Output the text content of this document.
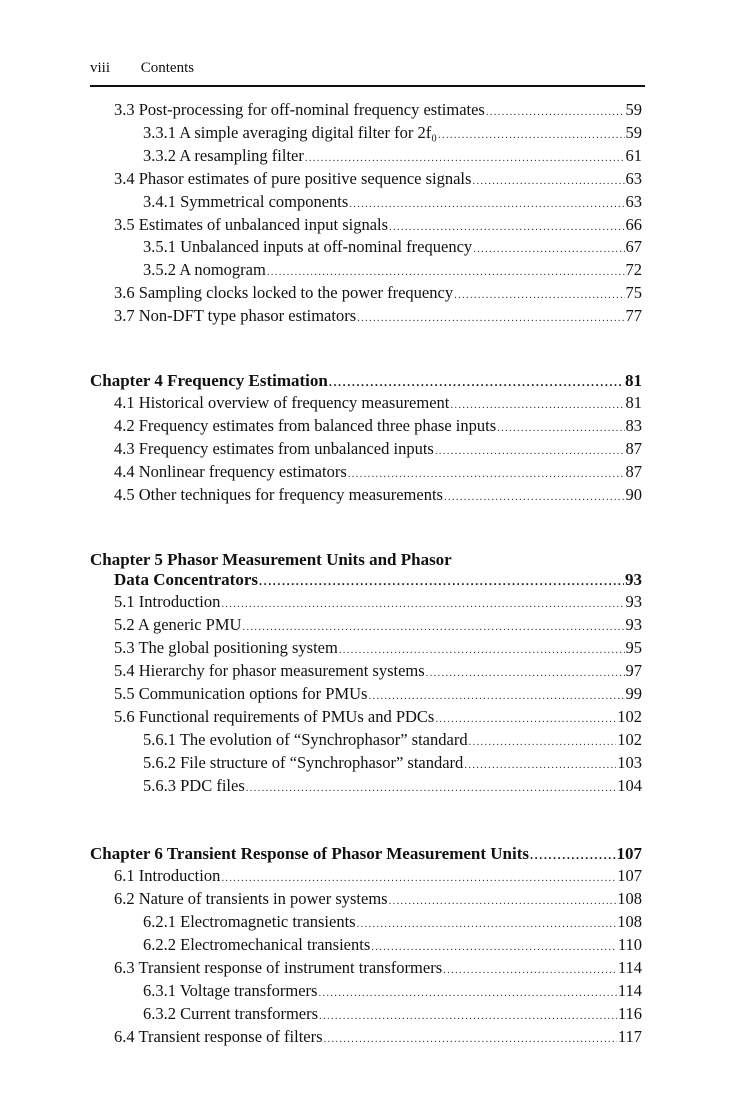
viii Contents
3.3 Post-processing for off-nominal frequency estimates .....	59
3.3.1 A simple averaging digital filter for 2f₀ .....	59
3.3.2 A resampling filter .....	61
3.4 Phasor estimates of pure positive sequence signals .....	63
3.4.1 Symmetrical components .....	63
3.5 Estimates of unbalanced input signals .....	66
3.5.1 Unbalanced inputs at off-nominal frequency .....	67
3.5.2 A nomogram .....	72
3.6 Sampling clocks locked to the power frequency .....	75
3.7 Non-DFT type phasor estimators .....	77
Chapter 4 Frequency Estimation .....	81
4.1 Historical overview of frequency measurement .....	81
4.2 Frequency estimates from balanced three phase inputs .....	83
4.3 Frequency estimates from unbalanced inputs .....	87
4.4 Nonlinear frequency estimators .....	87
4.5 Other techniques for frequency measurements .....	90
Chapter 5 Phasor Measurement Units and Phasor
Data Concentrators .....	93
5.1 Introduction .....	93
5.2 A generic PMU .....	93
5.3 The global positioning system .....	95
5.4 Hierarchy for phasor measurement systems .....	97
5.5 Communication options for PMUs .....	99
5.6 Functional requirements of PMUs and PDCs .....	102
5.6.1 The evolution of “Synchrophasor” standard .....	102
5.6.2 File structure of “Synchrophasor” standard .....	103
5.6.3 PDC files .....	104
Chapter 6 Transient Response of Phasor Measurement Units .....	107
6.1 Introduction .....	107
6.2 Nature of transients in power systems .....	108
6.2.1 Electromagnetic transients .....	108
6.2.2 Electromechanical transients .....	110
6.3 Transient response of instrument transformers .....	114
6.3.1 Voltage transformers .....	114
6.3.2 Current transformers .....	116
6.4 Transient response of filters .....	117
